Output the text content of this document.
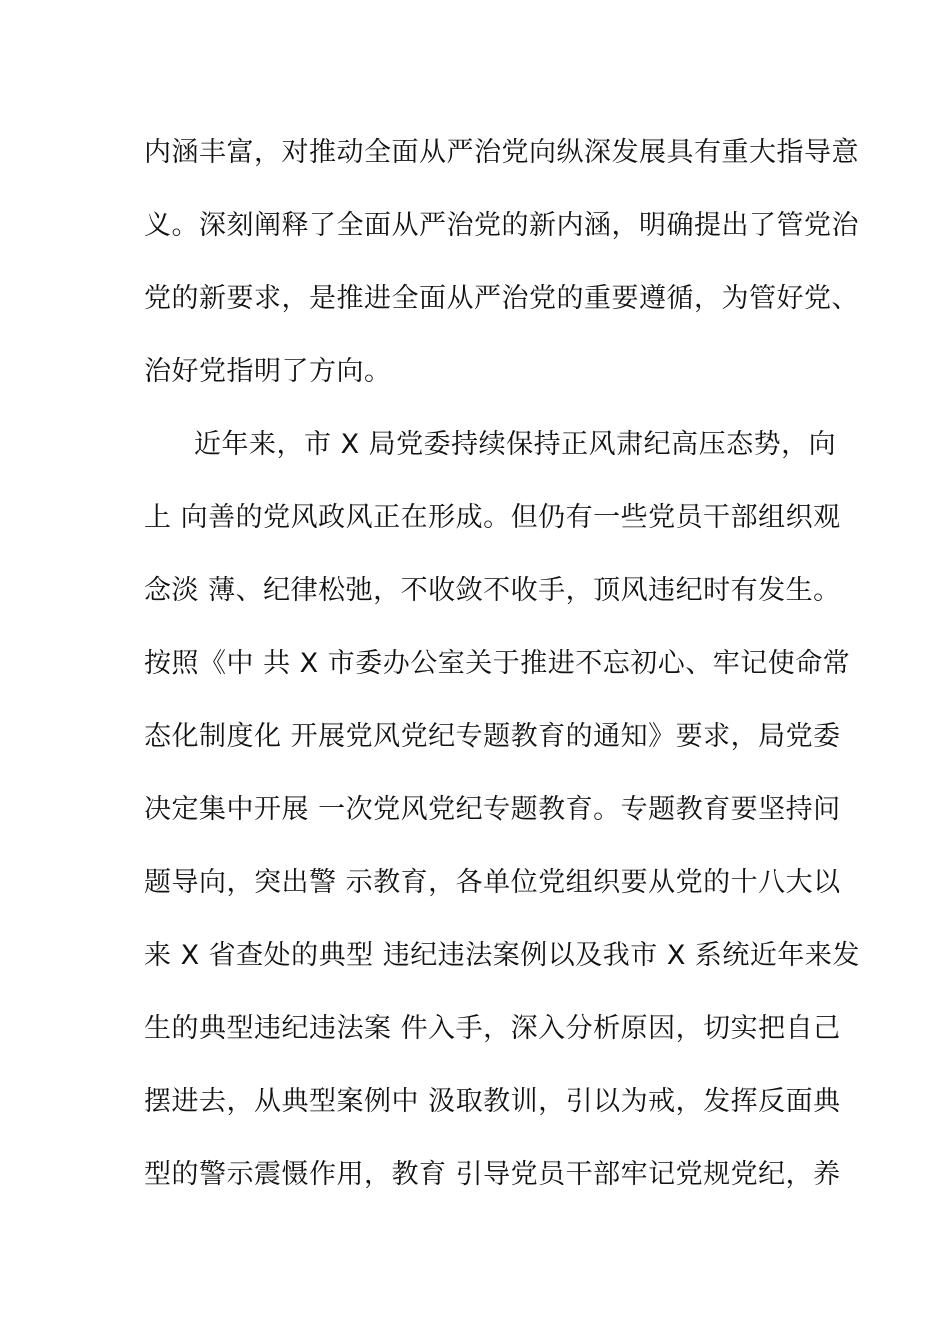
内涵丰富，对推动全面从严治党向纵深发展具有重大指导意
义。深刻阐释了全面从严治党的新内涵，明确提出了管党治
党的新要求，是推进全面从严治党的重要遵循，为管好党、
治好党指明了方向。
近年来，市 X 局党委持续保持正风肃纪高压态势，向
上 向善的党风政风正在形成。但仍有一些党员干部组织观
念淡 薄、纪律松弛，不收敛不收手，顶风违纪时有发生。
按照《中 共 X 市委办公室关于推进不忘初心、牢记使命常
态化制度化 开展党风党纪专题教育的通知》要求，局党委
决定集中开展 一次党风党纪专题教育。专题教育要坚持问
题导向，突出警 示教育，各单位党组织要从党的十八大以
来 X 省查处的典型 违纪违法案例以及我市 X 系统近年来发
生的典型违纪违法案 件入手，深入分析原因，切实把自己
摆进去，从典型案例中 汲取教训，引以为戒，发挥反面典
型的警示震慑作用，教育 引导党员干部牢记党规党纪，养
